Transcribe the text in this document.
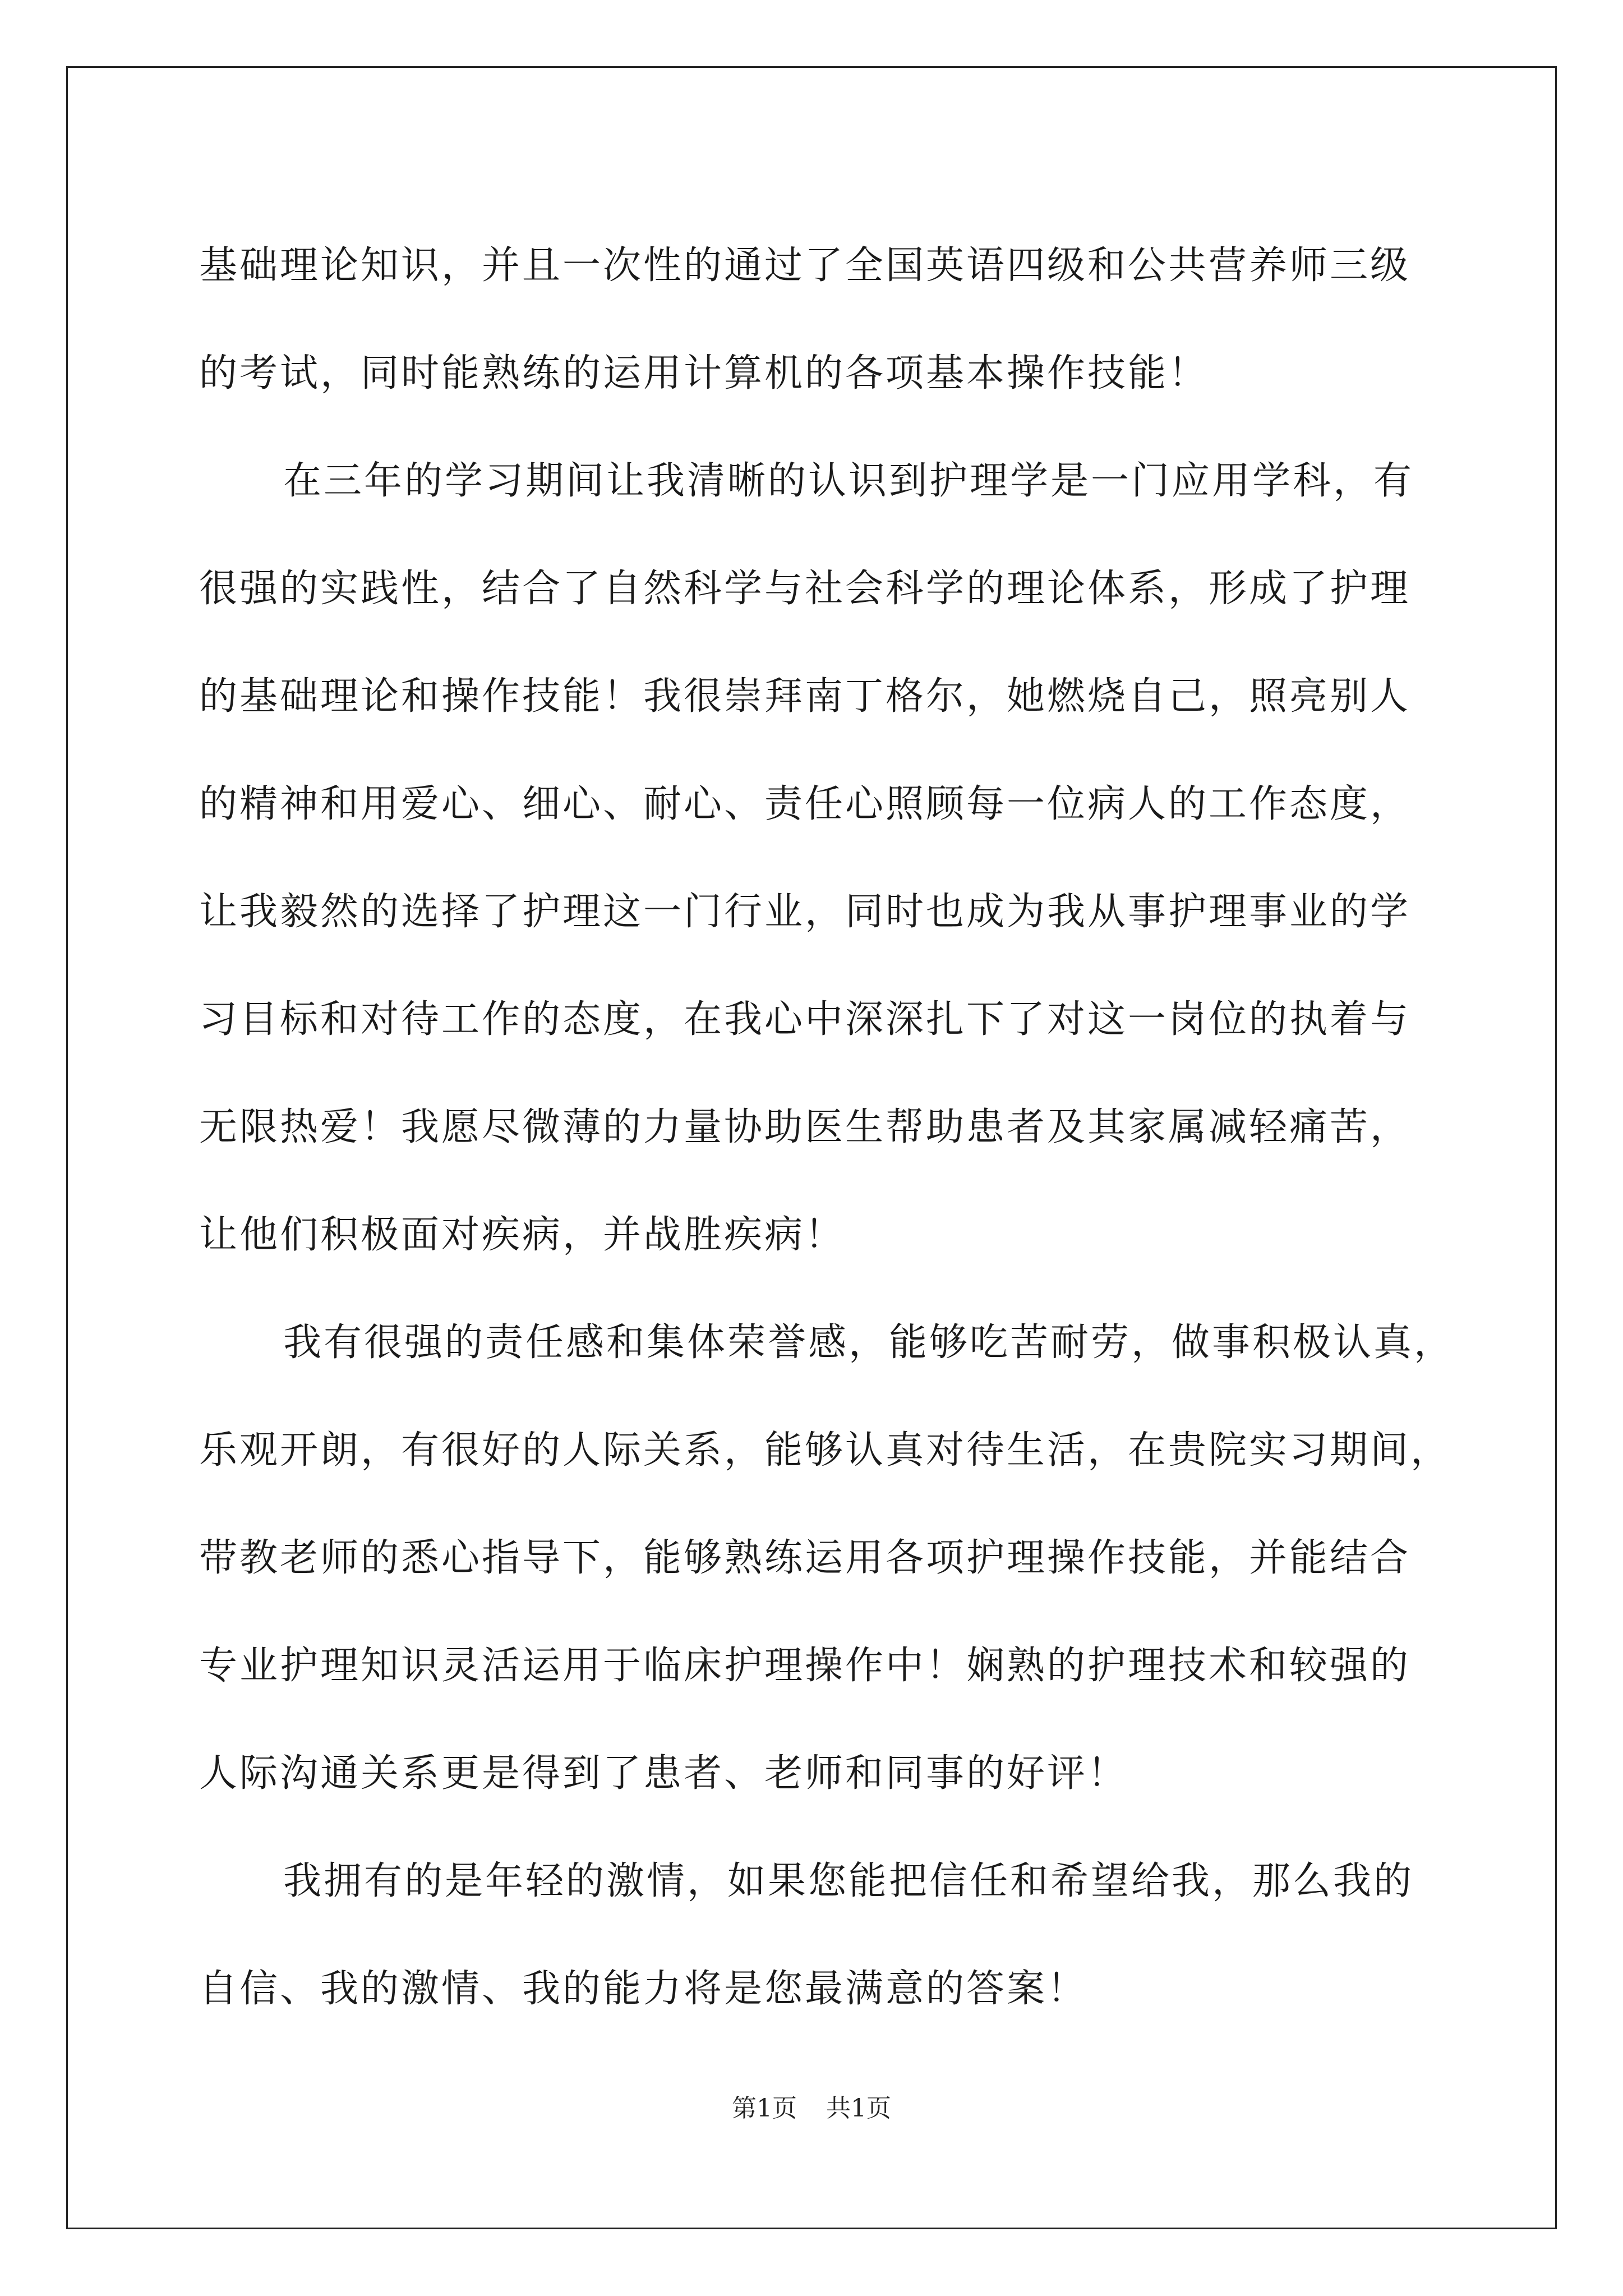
基础理论知识，并且一次性的通过了全国英语四级和公共营养师三级
的考试，同时能熟练的运用计算机的各项基本操作技能！
在三年的学习期间让我清晰的认识到护理学是一门应用学科，有
很强的实践性，结合了自然科学与社会科学的理论体系，形成了护理
的基础理论和操作技能！我很崇拜南丁格尔，她燃烧自己，照亮别人
的精神和用爱心、细心、耐心、责任心照顾每一位病人的工作态度，
让我毅然的选择了护理这一门行业，同时也成为我从事护理事业的学
习目标和对待工作的态度，在我心中深深扎下了对这一岗位的执着与
无限热爱！我愿尽微薄的力量协助医生帮助患者及其家属减轻痛苦，
让他们积极面对疾病，并战胜疾病！
我有很强的责任感和集体荣誉感，能够吃苦耐劳，做事积极认真，
乐观开朗，有很好的人际关系，能够认真对待生活，在贵院实习期间，
带教老师的悉心指导下，能够熟练运用各项护理操作技能，并能结合
专业护理知识灵活运用于临床护理操作中！娴熟的护理技术和较强的
人际沟通关系更是得到了患者、老师和同事的好评！
我拥有的是年轻的激情，如果您能把信任和希望给我，那么我的
自信、我的激情、我的能力将是您最满意的答案！
第1页 共1页
